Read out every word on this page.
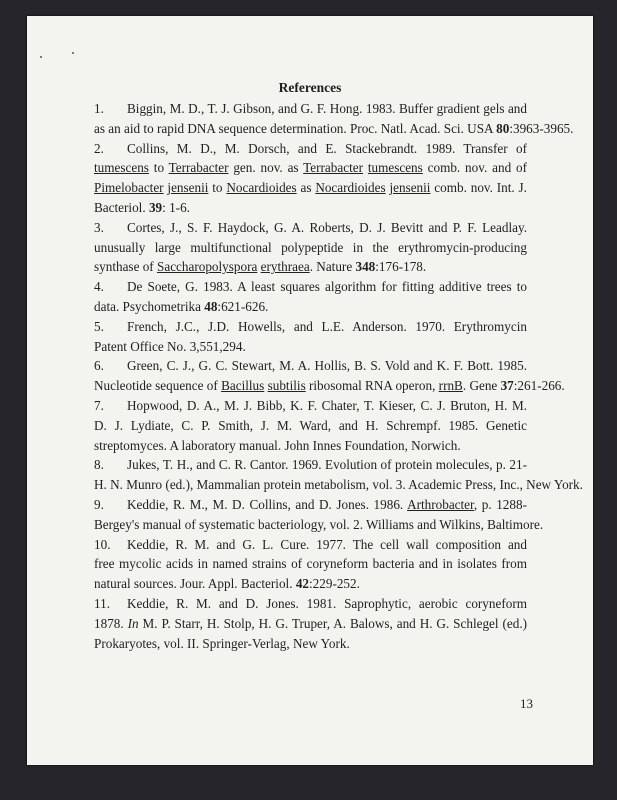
References
1. Biggin, M. D., T. J. Gibson, and G. F. Hong. 1983. Buffer gradient gels and
as an aid to rapid DNA sequence determination. Proc. Natl. Acad. Sci. USA 80:3963-3965.
2. Collins, M. D., M. Dorsch, and E. Stackebrandt. 1989. Transfer of
tumescens to Terrabacter gen. nov. as Terrabacter tumescens comb. nov. and of
Pimelobacter jensenii to Nocardioides as Nocardioides jensenii comb. nov. Int. J.
Bacteriol. 39: 1-6.
3. Cortes, J., S. F. Haydock, G. A. Roberts, D. J. Bevitt and P. F. Leadlay.
unusually large multifunctional polypeptide in the erythromycin-producing
synthase of Saccharopolyspora erythraea. Nature 348:176-178.
4. De Soete, G. 1983. A least squares algorithm for fitting additive trees to
data. Psychometrika 48:621-626.
5. French, J.C., J.D. Howells, and L.E. Anderson. 1970. Erythromycin
Patent Office No. 3,551,294.
6. Green, C. J., G. C. Stewart, M. A. Hollis, B. S. Vold and K. F. Bott. 1985.
Nucleotide sequence of Bacillus subtilis ribosomal RNA operon, rrnB. Gene 37:261-266.
7. Hopwood, D. A., M. J. Bibb, K. F. Chater, T. Kieser, C. J. Bruton, H. M.
D. J. Lydiate, C. P. Smith, J. M. Ward, and H. Schrempf. 1985. Genetic
streptomyces. A laboratory manual. John Innes Foundation, Norwich.
8. Jukes, T. H., and C. R. Cantor. 1969. Evolution of protein molecules, p. 21-
H. N. Munro (ed.), Mammalian protein metabolism, vol. 3. Academic Press, Inc., New York.
9. Keddie, R. M., M. D. Collins, and D. Jones. 1986. Arthrobacter, p. 1288-
Bergey's manual of systematic bacteriology, vol. 2. Williams and Wilkins, Baltimore.
10. Keddie, R. M. and G. L. Cure. 1977. The cell wall composition and
free mycolic acids in named strains of coryneform bacteria and in isolates from
natural sources. Jour. Appl. Bacteriol. 42:229-252.
11. Keddie, R. M. and D. Jones. 1981. Saprophytic, aerobic coryneform
1878. In M. P. Starr, H. Stolp, H. G. Truper, A. Balows, and H. G. Schlegel (ed.)
Prokaryotes, vol. II. Springer-Verlag, New York.
13
